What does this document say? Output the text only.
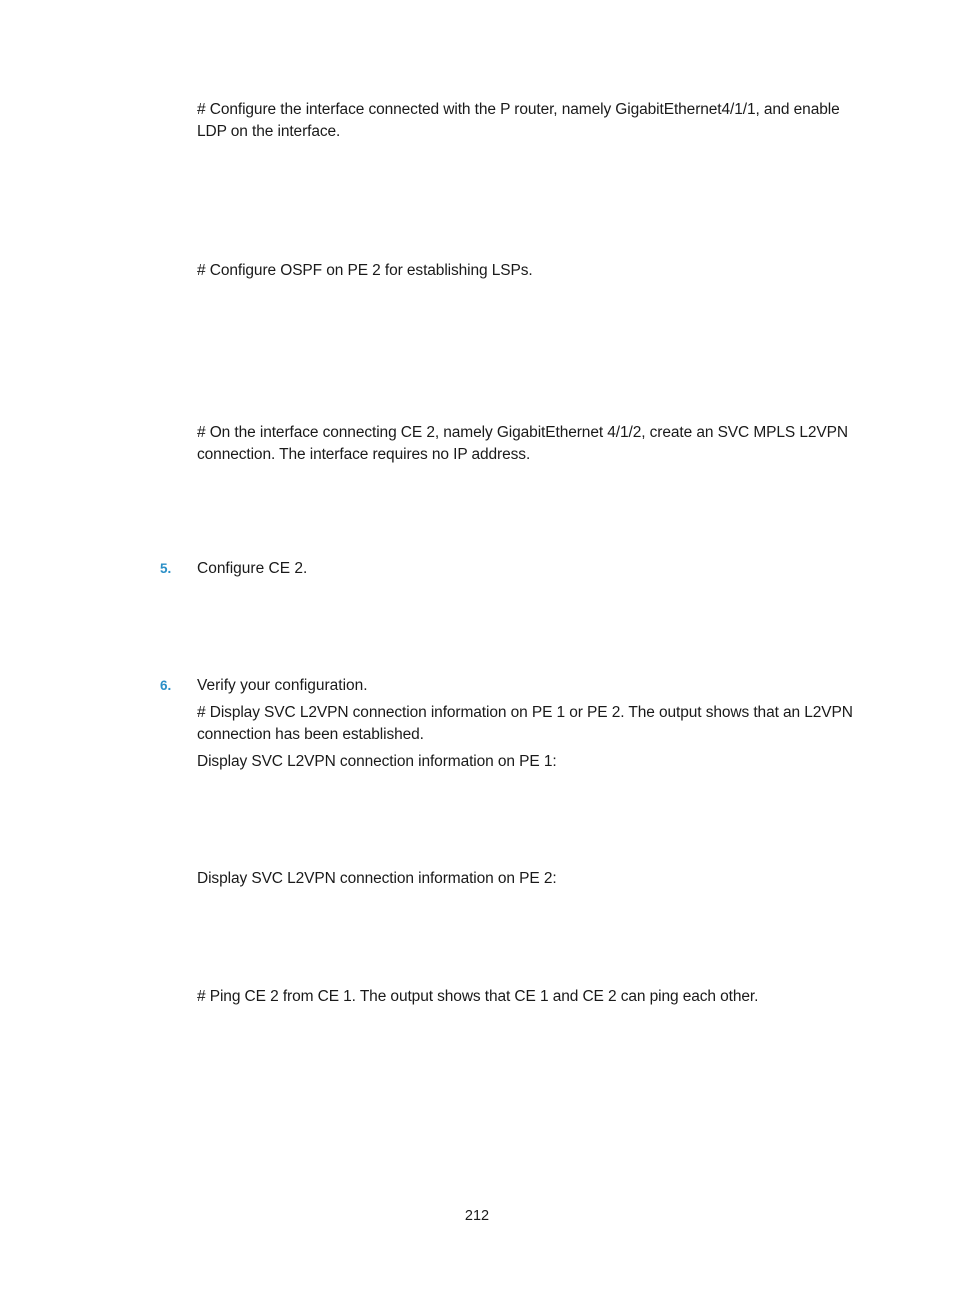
# Configure the interface connected with the P router, namely GigabitEthernet4/1/1, and enable LDP on the interface.

# Configure OSPF on PE 2 for establishing LSPs.

# On the interface connecting CE 2, namely GigabitEthernet 4/1/2, create an SVC MPLS L2VPN connection. The interface requires no IP address.

5. Configure CE 2.
6. Verify your configuration.

# Display SVC L2VPN connection information on PE 1 or PE 2. The output shows that an L2VPN connection has been established.

Display SVC L2VPN connection information on PE 1:

Display SVC L2VPN connection information on PE 2:

# Ping CE 2 from CE 1. The output shows that CE 1 and CE 2 can ping each other.

212
